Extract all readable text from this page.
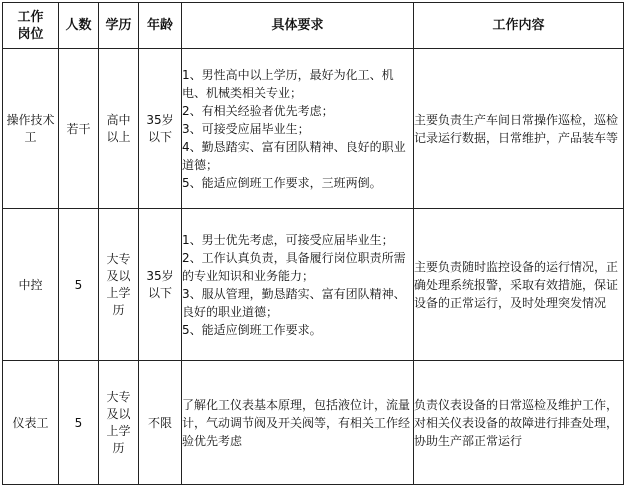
工作岗位	人数	学历	年龄	具体要求	工作内容
操作技术工	若干	高中以上	35岁以下	1、男性高中以上学历，最好为化工、机电、机械类相关专业；
2、有相关经验者优先考虑；
3、可接受应届毕业生；
4、勤恳踏实、富有团队精神、良好的职业道德；
5、能适应倒班工作要求，三班两倒。	主要负责生产车间日常操作巡检，巡检记录运行数据，日常维护，产品装车等
中控	5	大专及以上学历	35岁以下	1、男士优先考虑，可接受应届毕业生；
2、工作认真负责，具备履行岗位职责所需的专业知识和业务能力；
3、服从管理，勤恳踏实、富有团队精神、良好的职业道德；
5、能适应倒班工作要求。	主要负责随时监控设备的运行情况，正确处理系统报警，采取有效措施，保证设备的正常运行，及时处理突发情况
仪表工	5	大专及以上学历	不限	了解化工仪表基本原理，包括液位计，流量计，气动调节阀及开关阀等，有相关工作经验优先考虑	负责仪表设备的日常巡检及维护工作，对相关仪表设备的故障进行排查处理，协助生产部正常运行
